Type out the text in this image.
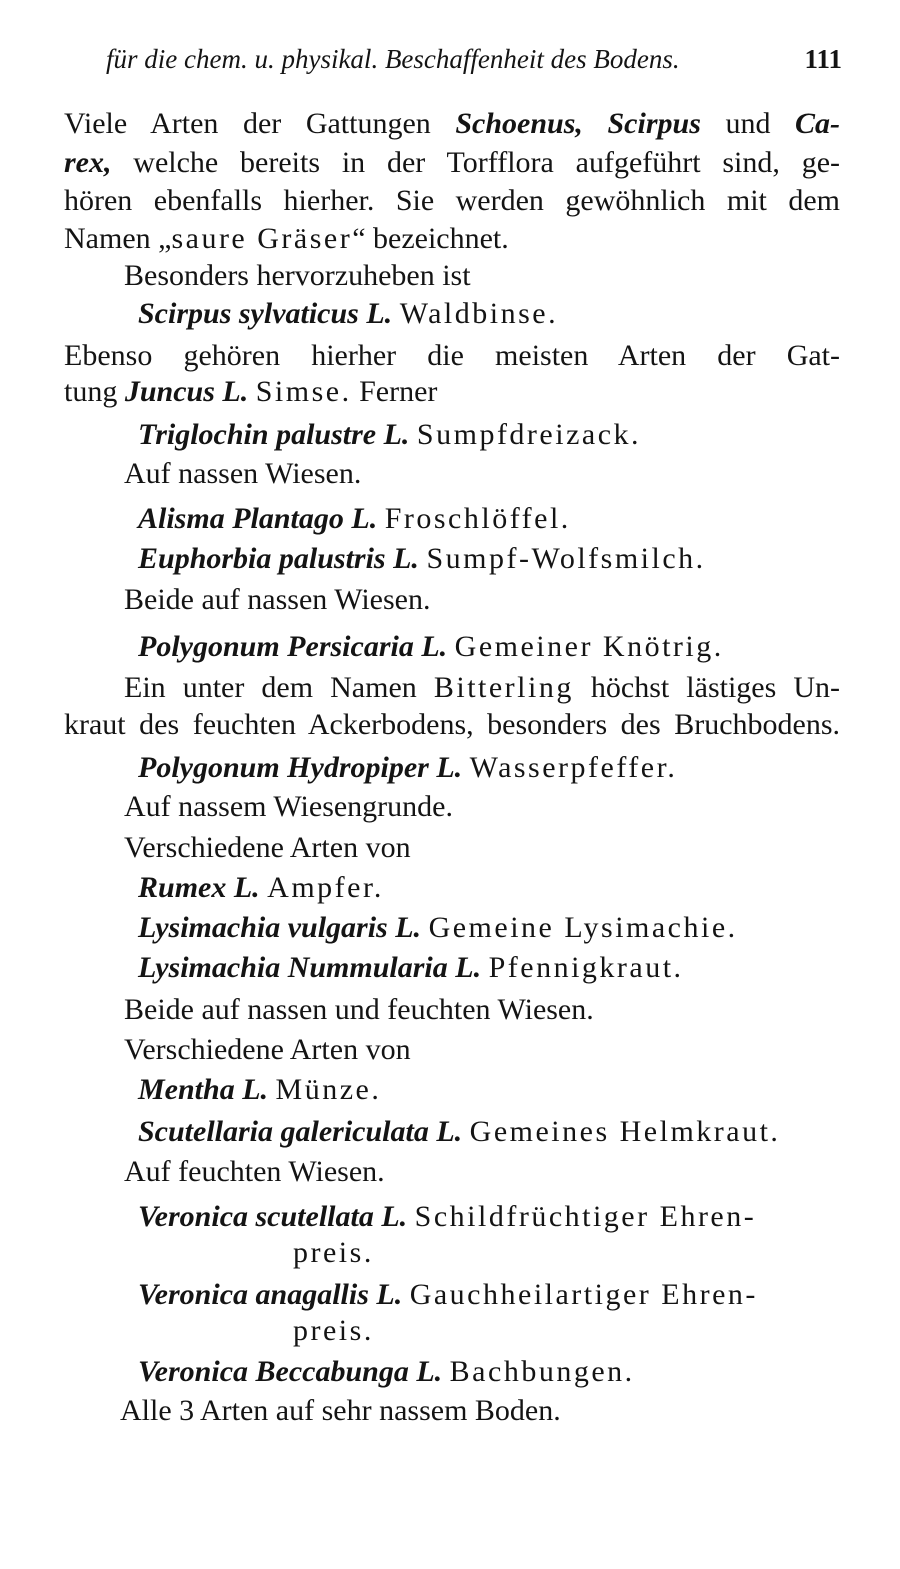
für die chem. u. physikal. Beschaffenheit des Bodens.	111
Viele Arten der Gattungen Schoenus, Scirpus und Ca-
rex, welche bereits in der Torfflora aufgeführt sind, ge-
hören ebenfalls hierher. Sie werden gewöhnlich mit dem
Namen „saure Gräser“ bezeichnet.
Besonders hervorzuheben ist
Scirpus sylvaticus L. Waldbinse.
Ebenso gehören hierher die meisten Arten der Gat-
tung Juncus L. Simse. Ferner
Triglochin palustre L. Sumpfdreizack.
Auf nassen Wiesen.
Alisma Plantago L. Froschlöffel.
Euphorbia palustris L. Sumpf-Wolfsmilch.
Beide auf nassen Wiesen.
Polygonum Persicaria L. Gemeiner Knötrig.
Ein unter dem Namen Bitterling höchst lästiges Un-
kraut des feuchten Ackerbodens, besonders des Bruchbodens.
Polygonum Hydropiper L. Wasserpfeffer.
Auf nassem Wiesengrunde.
Verschiedene Arten von
Rumex L. Ampfer.
Lysimachia vulgaris L. Gemeine Lysimachie.
Lysimachia Nummularia L. Pfennigkraut.
Beide auf nassen und feuchten Wiesen.
Verschiedene Arten von
Mentha L. Münze.
Scutellaria galericulata L. Gemeines Helmkraut.
Auf feuchten Wiesen.
Veronica scutellata L. Schildfrüchtiger Ehren-
preis.
Veronica anagallis L. Gauchheilartiger Ehren-
preis.
Veronica Beccabunga L. Bachbungen.
Alle 3 Arten auf sehr nassem Boden.
